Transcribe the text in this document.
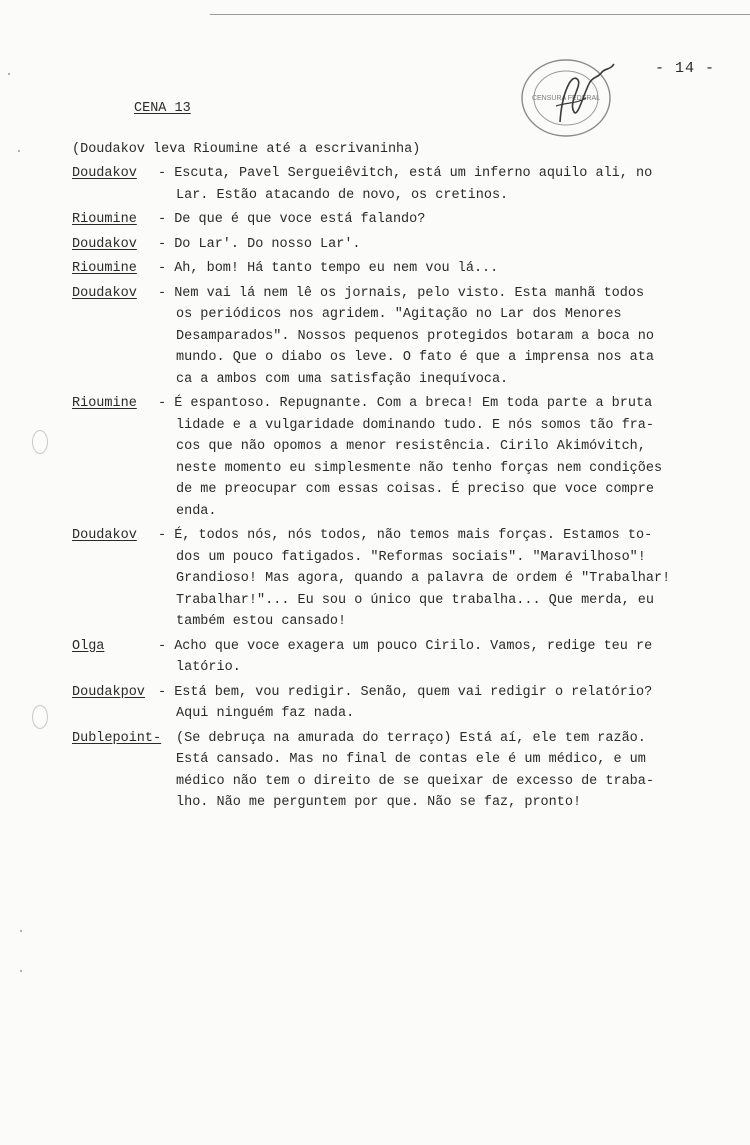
CENSURA FEDERAL
- 14 -
CENA 13
(Doudakov leva Rioumine até a escrivaninha)
Doudakov	- Escuta, Pavel Sergueiêvitch, está um inferno aquilo ali, no
Lar. Estão atacando de novo, os cretinos.
Rioumine	- De que é que voce está falando?
Doudakov	- Do Lar'. Do nosso Lar'.
Rioumine	- Ah, bom! Há tanto tempo eu nem vou lá...
Doudakov	- Nem vai lá nem lê os jornais, pelo visto. Esta manhã todos
os periódicos nos agridem. "Agitação no Lar dos Menores
Desamparados". Nossos pequenos protegidos botaram a boca no
mundo. Que o diabo os leve. O fato é que a imprensa nos ata
ca a ambos com uma satisfação inequívoca.
Rioumine	- É espantoso. Repugnante. Com a breca! Em toda parte a bruta
lidade e a vulgaridade dominando tudo. E nós somos tão fra-
cos que não opomos a menor resistência. Cirilo Akimóvitch,
neste momento eu simplesmente não tenho forças nem condições
de me preocupar com essas coisas. É preciso que voce compre
enda.
Doudakov	- É, todos nós, nós todos, não temos mais forças. Estamos to-
dos um pouco fatigados. "Reformas sociais". "Maravilhoso"!
Grandioso! Mas agora, quando a palavra de ordem é "Trabalhar!
Trabalhar!"... Eu sou o único que trabalha... Que merda, eu
também estou cansado!
Olga	- Acho que voce exagera um pouco Cirilo. Vamos, redige teu re
latório.
Doudakpov - Está bem, vou redigir. Senão, quem vai redigir o relatório?
Aqui ninguém faz nada.
Dublepoint-	(Se debruça na amurada do terraço) Está aí, ele tem razão.
Está cansado. Mas no final de contas ele é um médico, e um
médico não tem o direito de se queixar de excesso de traba-
lho. Não me perguntem por que. Não se faz, pronto!
